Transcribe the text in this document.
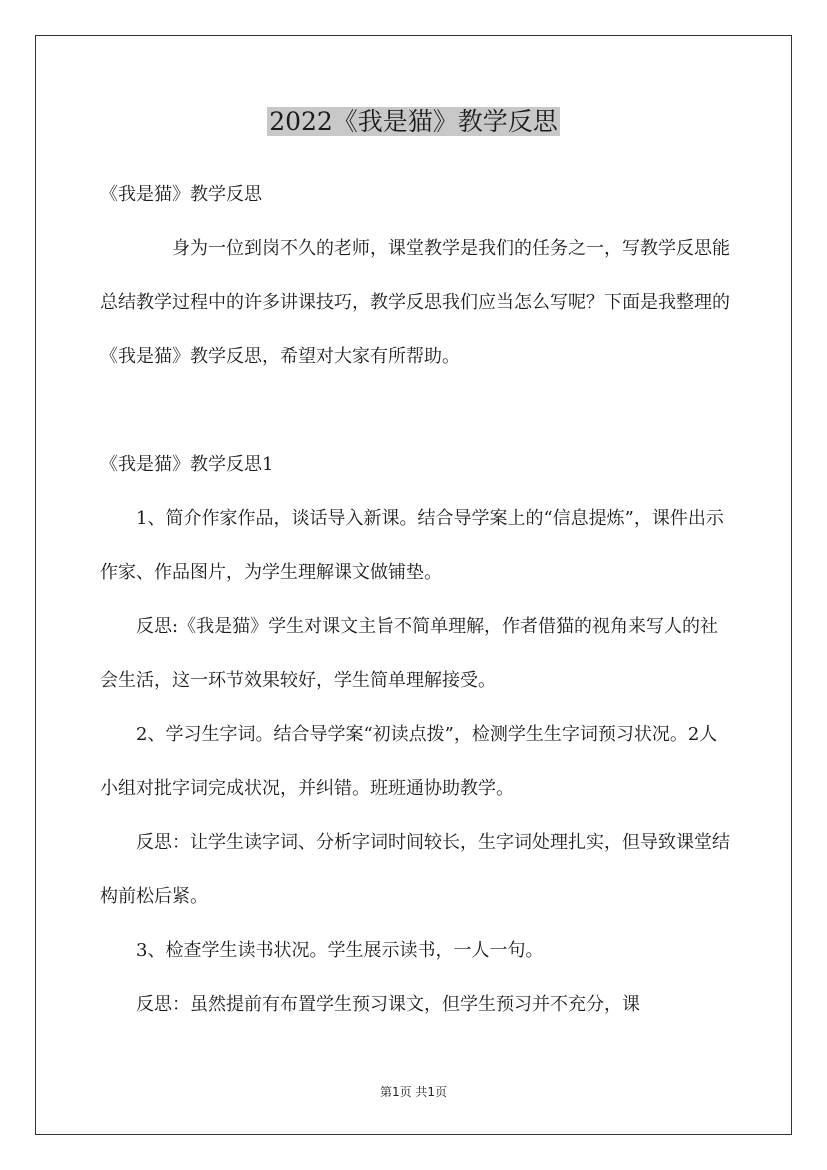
2022《我是猫》教学反思

《我是猫》教学反思

身为一位到岗不久的老师，课堂教学是我们的任务之一，写教学反思能总结教学过程中的许多讲课技巧，教学反思我们应当怎么写呢？下面是我整理的《我是猫》教学反思，希望对大家有所帮助。

《我是猫》教学反思1

1、简介作家作品，谈话导入新课。结合导学案上的“信息提炼”，课件出示作家、作品图片，为学生理解课文做铺垫。

反思:《我是猫》学生对课文主旨不简单理解，作者借猫的视角来写人的社会生活，这一环节效果较好，学生简单理解接受。

2、学习生字词。结合导学案“初读点拨”，检测学生生字词预习状况。2人小组对批字词完成状况，并纠错。班班通协助教学。

反思：让学生读字词、分析字词时间较长，生字词处理扎实，但导致课堂结构前松后紧。

3、检查学生读书状况。学生展示读书，一人一句。

反思：虽然提前有布置学生预习课文，但学生预习并不充分，课

第1页 共1页
